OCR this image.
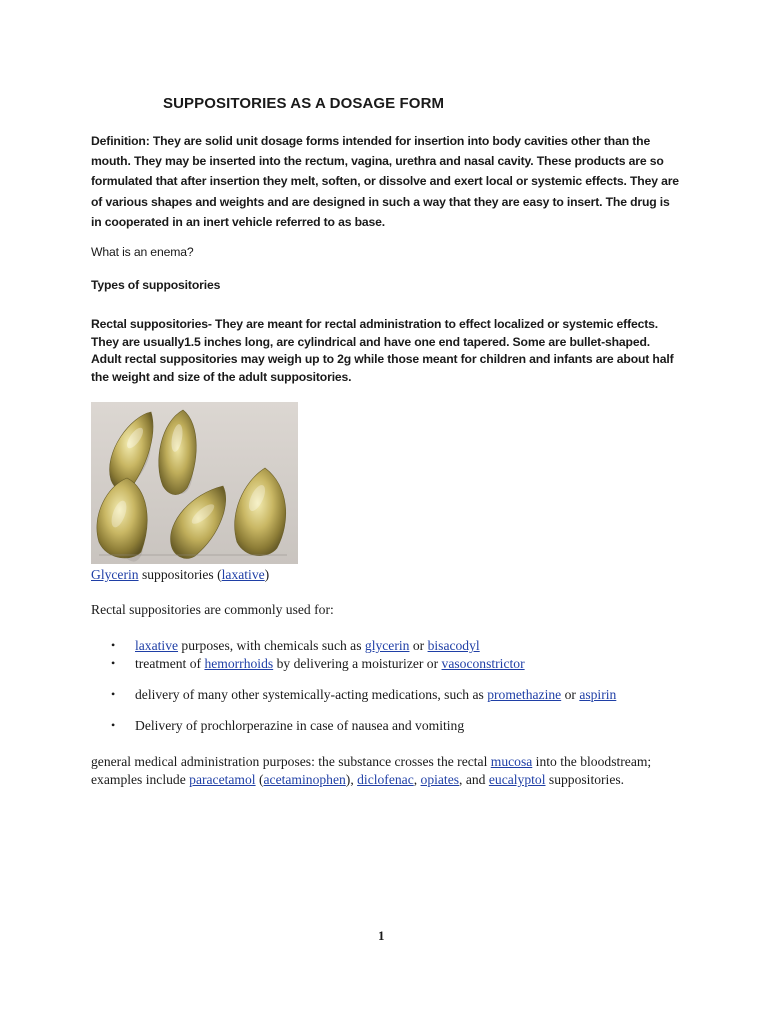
SUPPOSITORIES AS A DOSAGE FORM

Definition: They are solid unit dosage forms intended for insertion into body cavities other than the mouth. They may be inserted into the rectum, vagina, urethra and nasal cavity. These products are so formulated that after insertion they melt, soften, or dissolve and exert local or systemic effects. They are of various shapes and weights and are designed in such a way that they are easy to insert. The drug is in cooperated in an inert vehicle referred to as base.

What is an enema?

Types of suppositories

Rectal suppositories- They are meant for rectal administration to effect localized or systemic effects. They are usually1.5 inches long, are cylindrical and have one end tapered. Some are bullet-shaped. Adult rectal suppositories may weigh up to 2g while those meant for children and infants are about half the weight and size of the adult suppositories.

Glycerin suppositories (laxative)

Rectal suppositories are commonly used for:

•	laxative purposes, with chemicals such as glycerin or bisacodyl
•	treatment of hemorrhoids by delivering a moisturizer or vasoconstrictor
•	delivery of many other systemically-acting medications, such as promethazine or aspirin
•	Delivery of prochlorperazine in case of nausea and vomiting

general medical administration purposes: the substance crosses the rectal mucosa into the bloodstream; examples include paracetamol (acetaminophen), diclofenac, opiates, and eucalyptol suppositories.

1
